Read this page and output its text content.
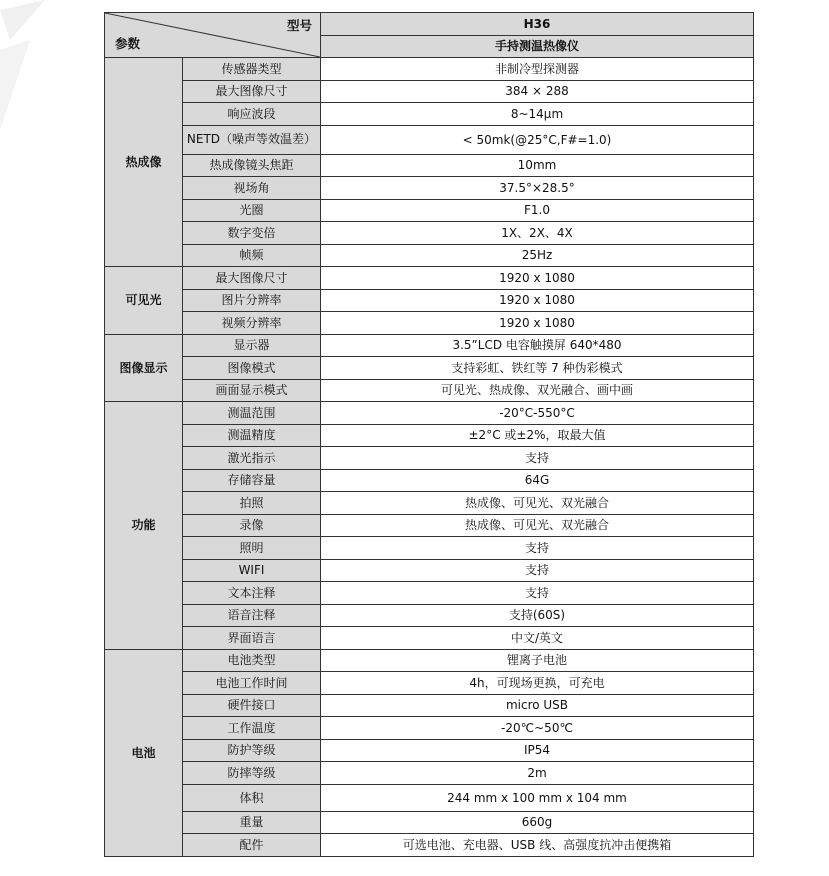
型号
参数		H36
		手持测温热像仪
热成像	传感器类型	非制冷型探测器
	最大图像尺寸	384 × 288
	响应波段	8~14μm
	NETD（噪声等效温差）	< 50mk(@25°C,F#=1.0)
	热成像镜头焦距	10mm
	视场角	37.5°×28.5°
	光圈	F1.0
	数字变倍	1X、2X、4X
	帧频	25Hz
可见光	最大图像尺寸	1920 x 1080
	图片分辨率	1920 x 1080
	视频分辨率	1920 x 1080
图像显示	显示器	3.5”LCD 电容触摸屏 640*480
	图像模式	支持彩虹、铁红等 7 种伪彩模式
	画面显示模式	可见光、热成像、双光融合、画中画
功能	测温范围	-20°C-550°C
	测温精度	±2°C 或±2%，取最大值
	激光指示	支持
	存储容量	64G
	拍照	热成像、可见光、双光融合
	录像	热成像、可见光、双光融合
	照明	支持
	WIFI	支持
	文本注释	支持
	语音注释	支持(60S)
	界面语言	中文/英文
电池	电池类型	锂离子电池
	电池工作时间	4h，可现场更换，可充电
	硬件接口	micro USB
	工作温度	-20℃~50℃
	防护等级	IP54
	防摔等级	2m
	体积	244 mm x 100 mm x 104 mm
	重量	660g
	配件	可选电池、充电器、USB 线、高强度抗冲击便携箱
